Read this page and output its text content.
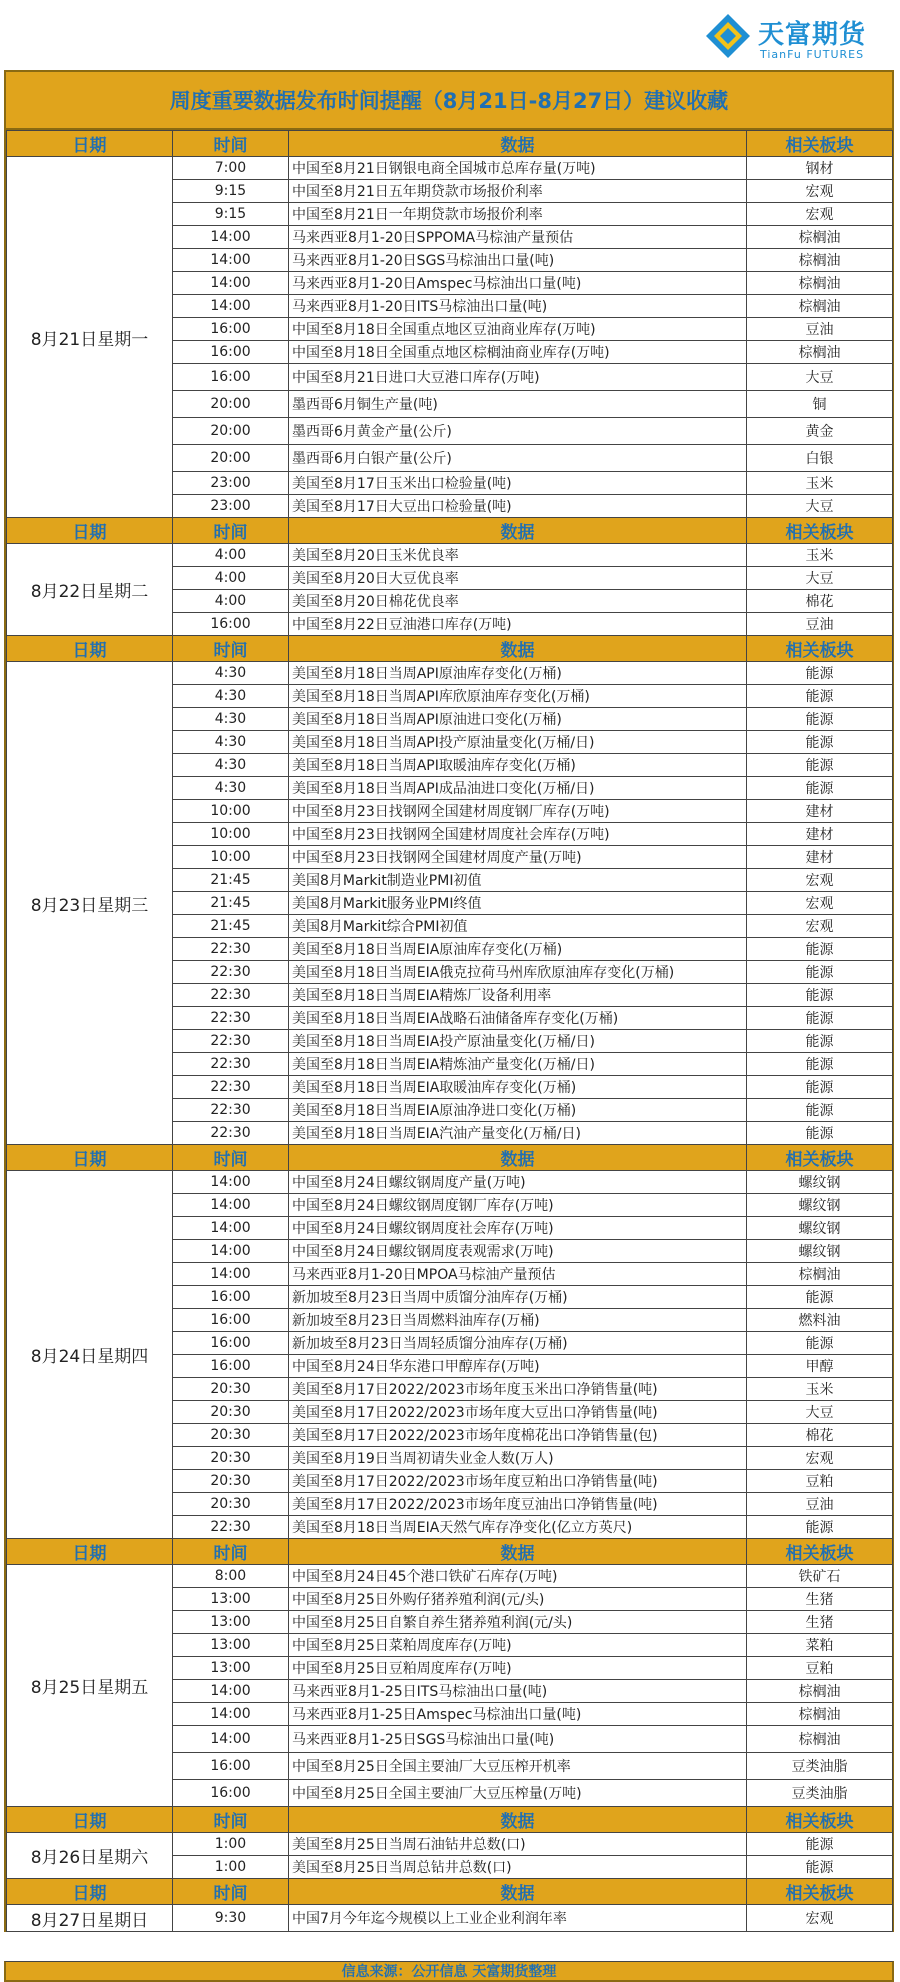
天富期货
TianFu FUTURES
周度重要数据发布时间提醒（8月21日-8月27日）建议收藏
日期	时间	数据	相关板块
8月21日星期一	7:00	中国至8月21日钢银电商全国城市总库存量(万吨)	钢材
	9:15	中国至8月21日五年期贷款市场报价利率	宏观
	9:15	中国至8月21日一年期贷款市场报价利率	宏观
	14:00	马来西亚8月1-20日SPPOMA马棕油产量预估	棕榈油
	14:00	马来西亚8月1-20日SGS马棕油出口量(吨)	棕榈油
	14:00	马来西亚8月1-20日Amspec马棕油出口量(吨)	棕榈油
	14:00	马来西亚8月1-20日ITS马棕油出口量(吨)	棕榈油
	16:00	中国至8月18日全国重点地区豆油商业库存(万吨)	豆油
	16:00	中国至8月18日全国重点地区棕榈油商业库存(万吨)	棕榈油
	16:00	中国至8月21日进口大豆港口库存(万吨)	大豆
	20:00	墨西哥6月铜生产量(吨)	铜
	20:00	墨西哥6月黄金产量(公斤)	黄金
	20:00	墨西哥6月白银产量(公斤)	白银
	23:00	美国至8月17日玉米出口检验量(吨)	玉米
	23:00	美国至8月17日大豆出口检验量(吨)	大豆
日期	时间	数据	相关板块
8月22日星期二	4:00	美国至8月20日玉米优良率	玉米
	4:00	美国至8月20日大豆优良率	大豆
	4:00	美国至8月20日棉花优良率	棉花
	16:00	中国至8月22日豆油港口库存(万吨)	豆油
日期	时间	数据	相关板块
8月23日星期三	4:30	美国至8月18日当周API原油库存变化(万桶)	能源
	4:30	美国至8月18日当周API库欣原油库存变化(万桶)	能源
	4:30	美国至8月18日当周API原油进口变化(万桶)	能源
	4:30	美国至8月18日当周API投产原油量变化(万桶/日)	能源
	4:30	美国至8月18日当周API取暖油库存变化(万桶)	能源
	4:30	美国至8月18日当周API成品油进口变化(万桶/日)	能源
	10:00	中国至8月23日找钢网全国建材周度钢厂库存(万吨)	建材
	10:00	中国至8月23日找钢网全国建材周度社会库存(万吨)	建材
	10:00	中国至8月23日找钢网全国建材周度产量(万吨)	建材
	21:45	美国8月Markit制造业PMI初值	宏观
	21:45	美国8月Markit服务业PMI终值	宏观
	21:45	美国8月Markit综合PMI初值	宏观
	22:30	美国至8月18日当周EIA原油库存变化(万桶)	能源
	22:30	美国至8月18日当周EIA俄克拉荷马州库欣原油库存变化(万桶)	能源
	22:30	美国至8月18日当周EIA精炼厂设备利用率	能源
	22:30	美国至8月18日当周EIA战略石油储备库存变化(万桶)	能源
	22:30	美国至8月18日当周EIA投产原油量变化(万桶/日)	能源
	22:30	美国至8月18日当周EIA精炼油产量变化(万桶/日)	能源
	22:30	美国至8月18日当周EIA取暖油库存变化(万桶)	能源
	22:30	美国至8月18日当周EIA原油净进口变化(万桶)	能源
	22:30	美国至8月18日当周EIA汽油产量变化(万桶/日)	能源
日期	时间	数据	相关板块
8月24日星期四	14:00	中国至8月24日螺纹钢周度产量(万吨)	螺纹钢
	14:00	中国至8月24日螺纹钢周度钢厂库存(万吨)	螺纹钢
	14:00	中国至8月24日螺纹钢周度社会库存(万吨)	螺纹钢
	14:00	中国至8月24日螺纹钢周度表观需求(万吨)	螺纹钢
	14:00	马来西亚8月1-20日MPOA马棕油产量预估	棕榈油
	16:00	新加坡至8月23日当周中质馏分油库存(万桶)	能源
	16:00	新加坡至8月23日当周燃料油库存(万桶)	燃料油
	16:00	新加坡至8月23日当周轻质馏分油库存(万桶)	能源
	16:00	中国至8月24日华东港口甲醇库存(万吨)	甲醇
	20:30	美国至8月17日2022/2023市场年度玉米出口净销售量(吨)	玉米
	20:30	美国至8月17日2022/2023市场年度大豆出口净销售量(吨)	大豆
	20:30	美国至8月17日2022/2023市场年度棉花出口净销售量(包)	棉花
	20:30	美国至8月19日当周初请失业金人数(万人)	宏观
	20:30	美国至8月17日2022/2023市场年度豆粕出口净销售量(吨)	豆粕
	20:30	美国至8月17日2022/2023市场年度豆油出口净销售量(吨)	豆油
	22:30	美国至8月18日当周EIA天然气库存净变化(亿立方英尺)	能源
日期	时间	数据	相关板块
8月25日星期五	8:00	中国至8月24日45个港口铁矿石库存(万吨)	铁矿石
	13:00	中国至8月25日外购仔猪养殖利润(元/头)	生猪
	13:00	中国至8月25日自繁自养生猪养殖利润(元/头)	生猪
	13:00	中国至8月25日菜粕周度库存(万吨)	菜粕
	13:00	中国至8月25日豆粕周度库存(万吨)	豆粕
	14:00	马来西亚8月1-25日ITS马棕油出口量(吨)	棕榈油
	14:00	马来西亚8月1-25日Amspec马棕油出口量(吨)	棕榈油
	14:00	马来西亚8月1-25日SGS马棕油出口量(吨)	棕榈油
	16:00	中国至8月25日全国主要油厂大豆压榨开机率	豆类油脂
	16:00	中国至8月25日全国主要油厂大豆压榨量(万吨)	豆类油脂
日期	时间	数据	相关板块
8月26日星期六	1:00	美国至8月25日当周石油钻井总数(口)	能源
	1:00	美国至8月25日当周总钻井总数(口)	能源
日期	时间	数据	相关板块
8月27日星期日	9:30	中国7月今年迄今规模以上工业企业利润年率	宏观
信息来源：公开信息 天富期货整理
